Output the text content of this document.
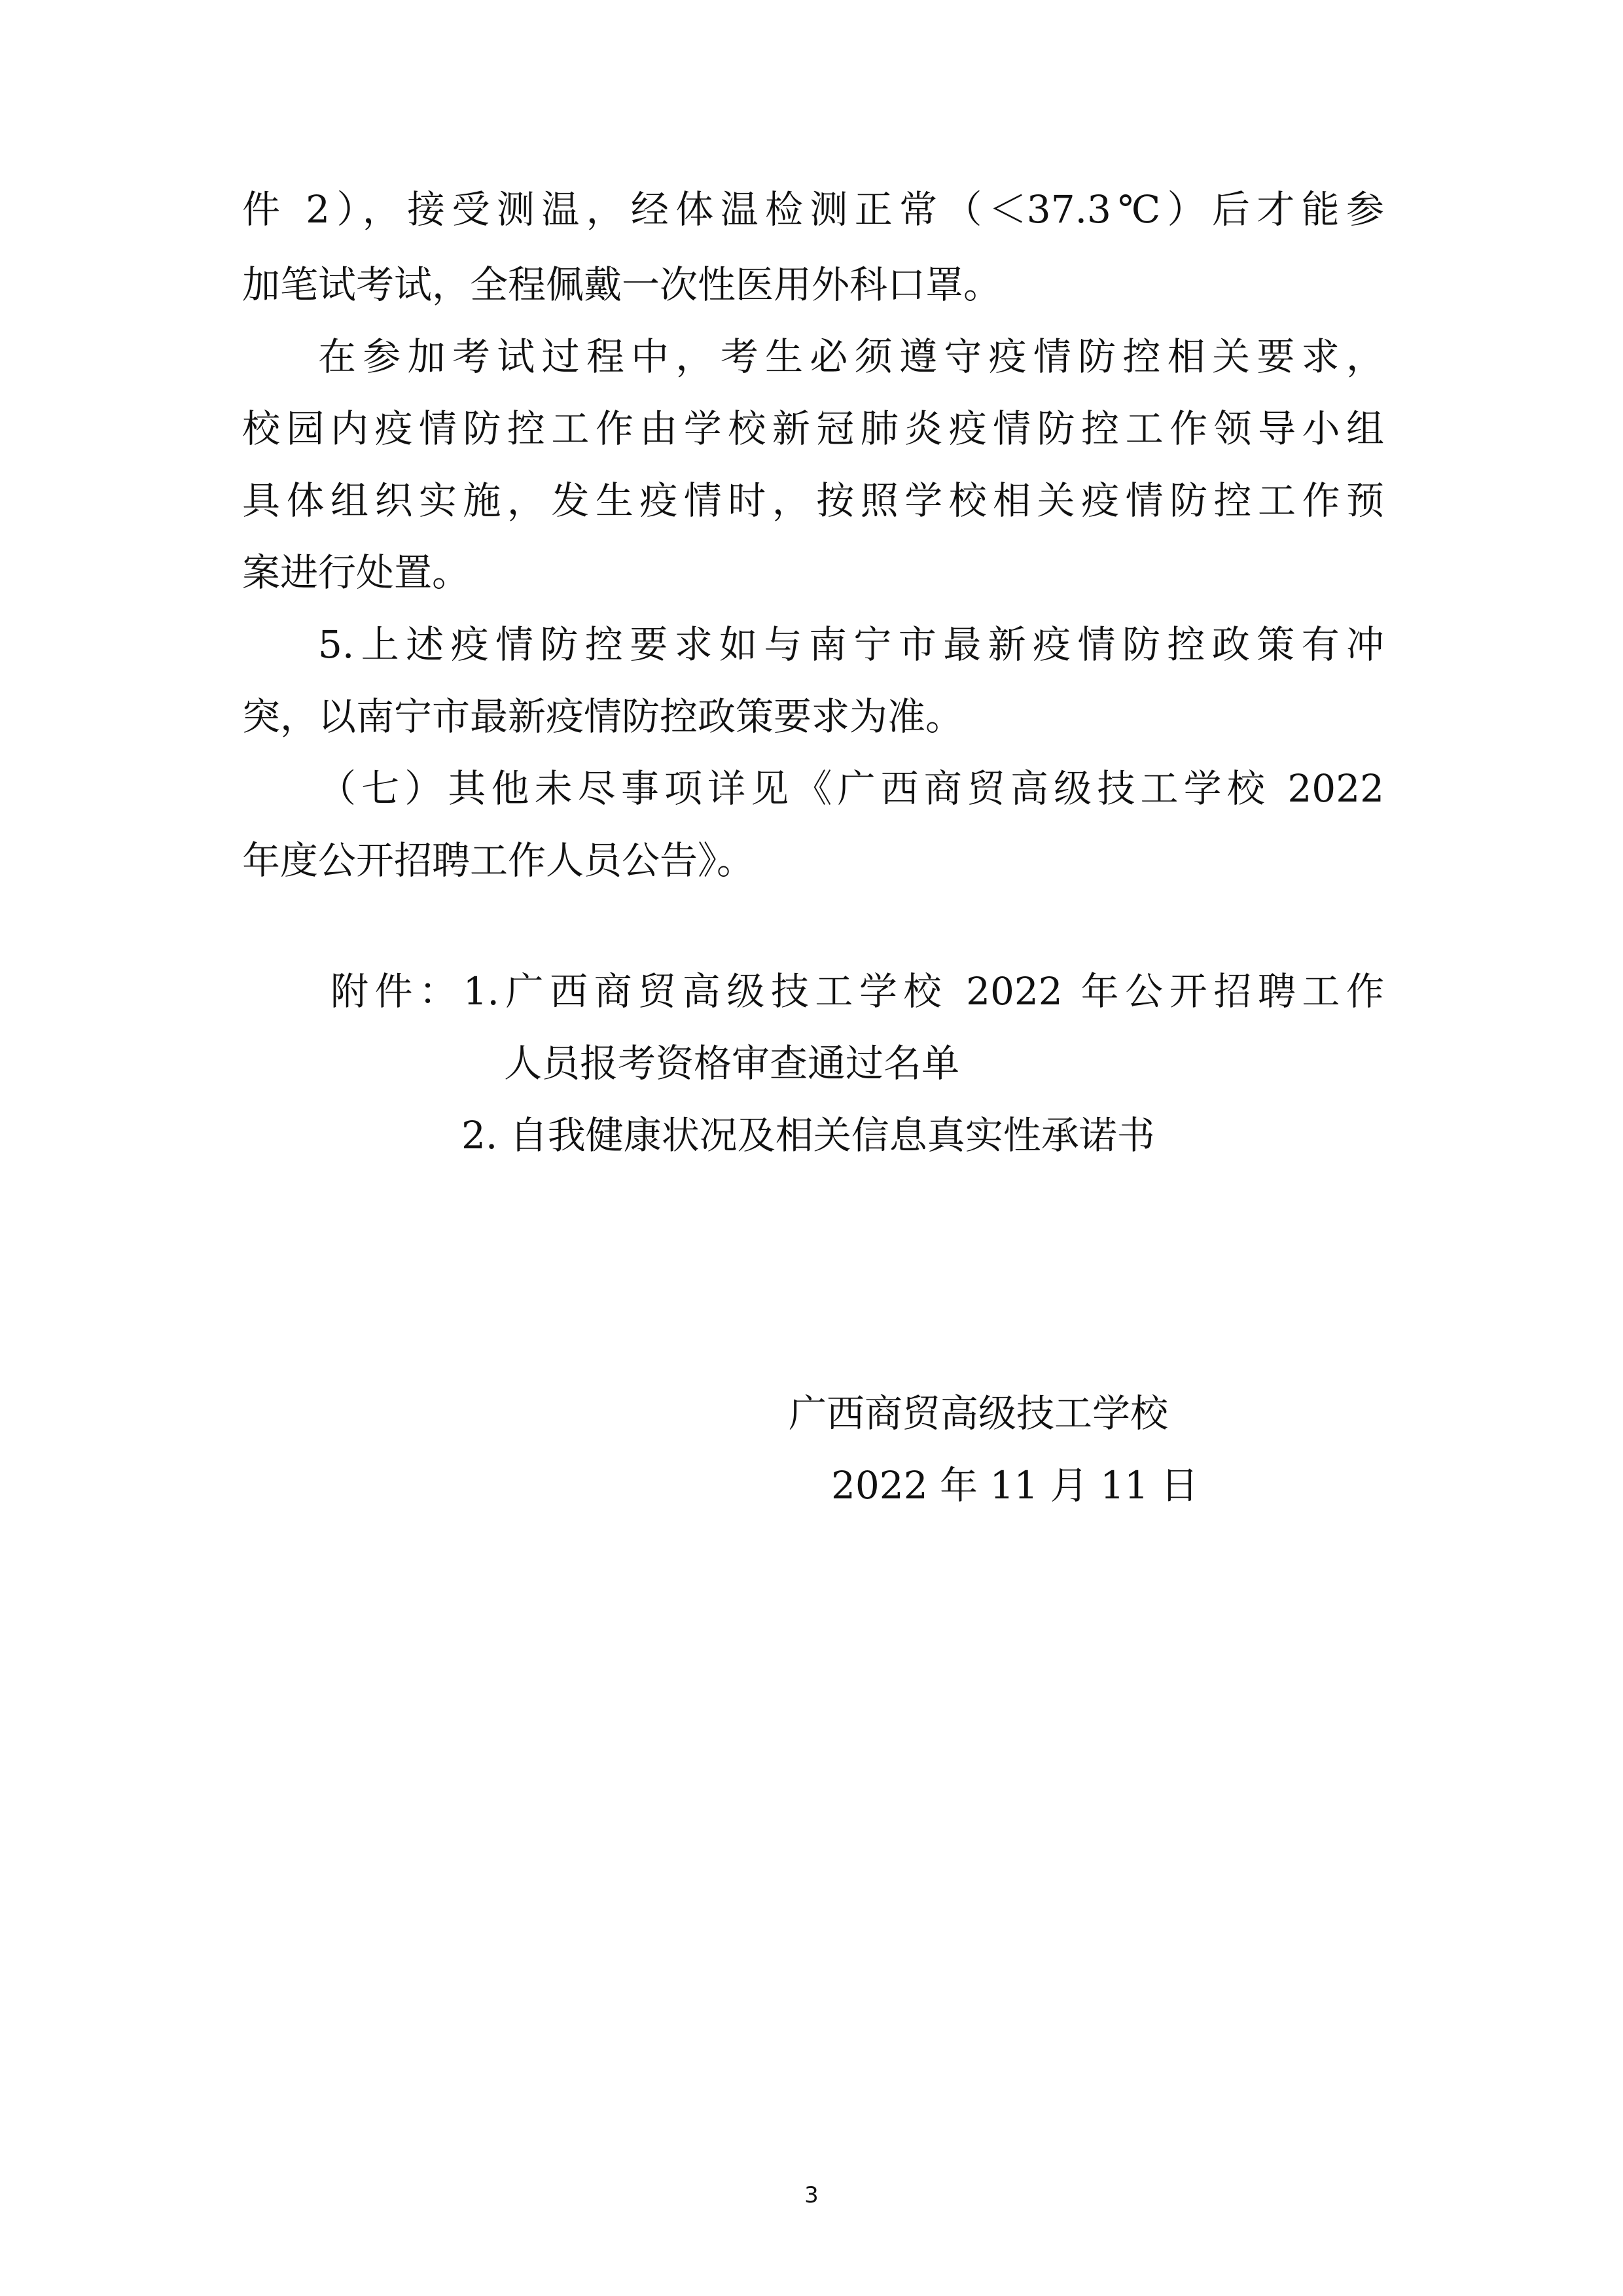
件 2），接受测温，经体温检测正常（＜37.3℃）后才能参
加笔试考试，全程佩戴一次性医用外科口罩。
在参加考试过程中，考生必须遵守疫情防控相关要求，
校园内疫情防控工作由学校新冠肺炎疫情防控工作领导小组
具体组织实施，发生疫情时，按照学校相关疫情防控工作预
案进行处置。
5.上述疫情防控要求如与南宁市最新疫情防控政策有冲
突，以南宁市最新疫情防控政策要求为准。
（七）其他未尽事项详见《广西商贸高级技工学校 2022
年度公开招聘工作人员公告》。
附件：1.广西商贸高级技工学校 2022 年公开招聘工作
人员报考资格审查通过名单
2. 自我健康状况及相关信息真实性承诺书
广西商贸高级技工学校
2022 年 11 月 11 日
3
